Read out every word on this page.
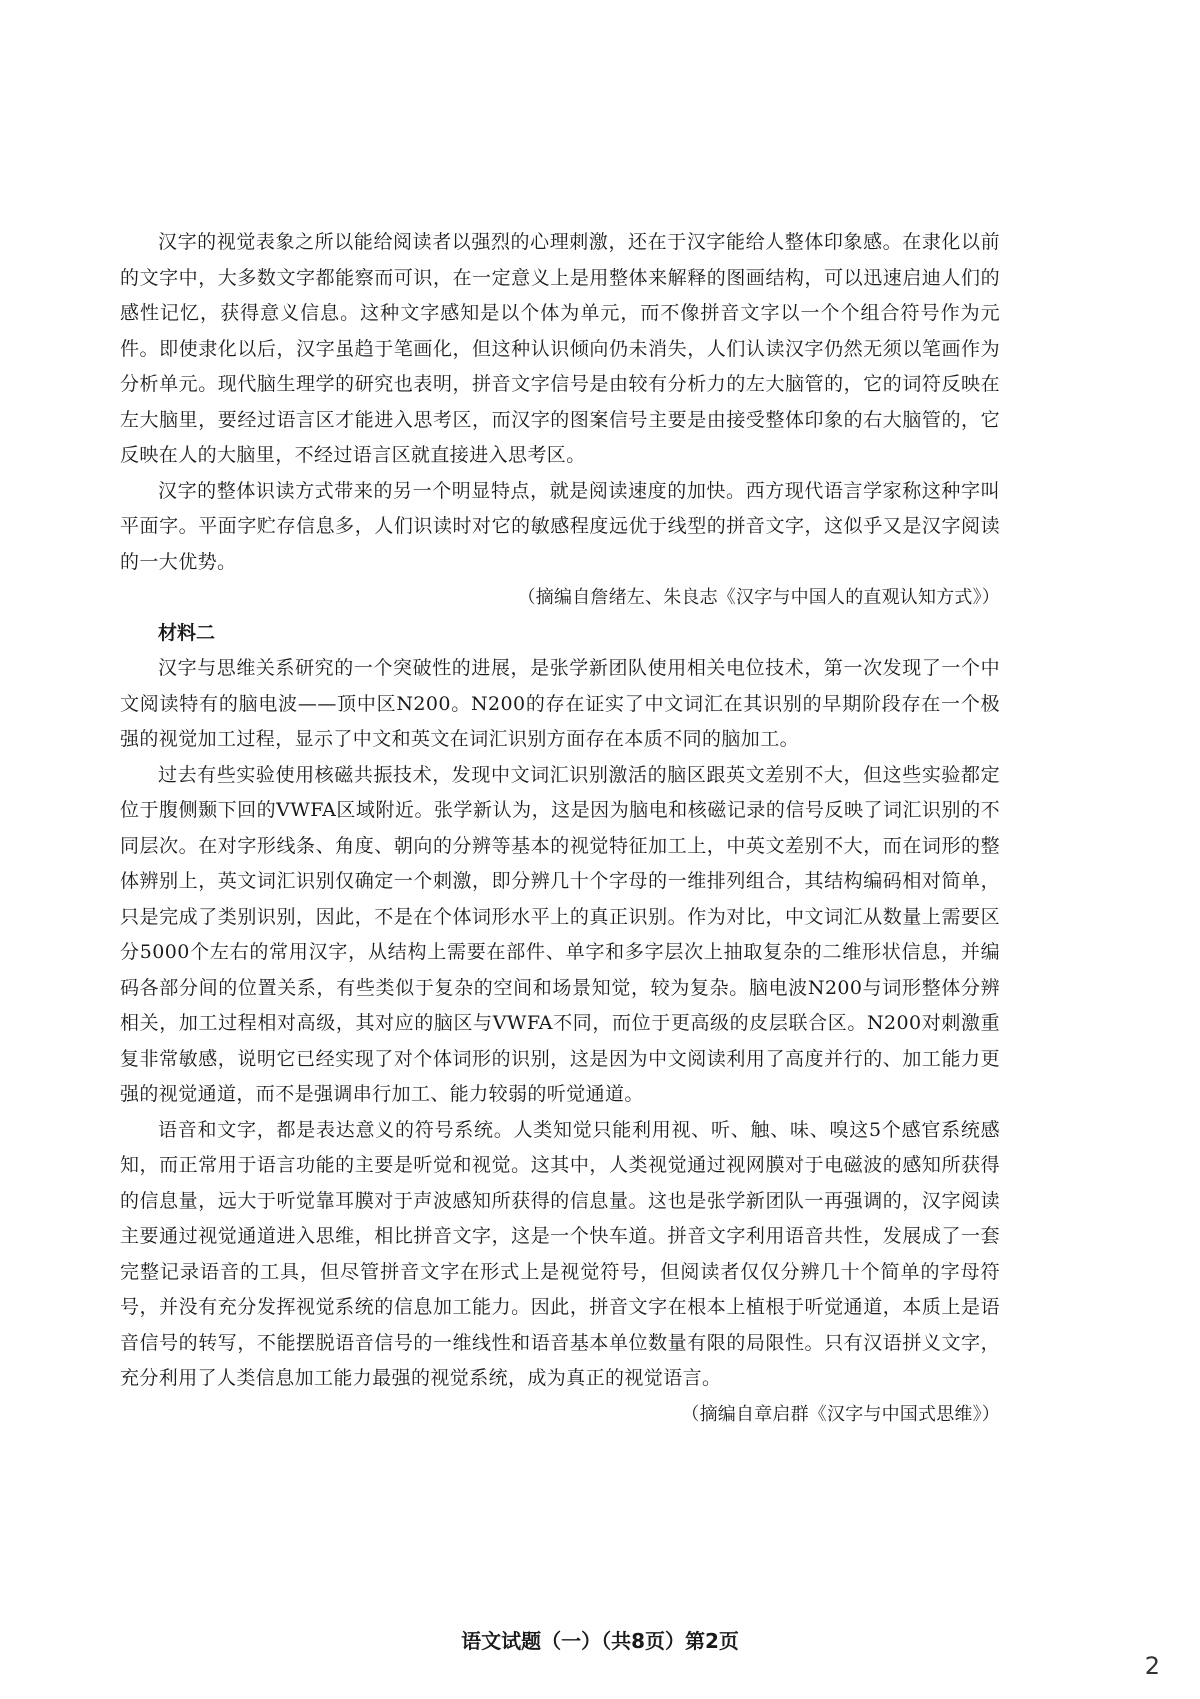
汉字的视觉表象之所以能给阅读者以强烈的心理刺激，还在于汉字能给人整体印象感。在隶化以前的文字中，大多数文字都能察而可识，在一定意义上是用整体来解释的图画结构，可以迅速启迪人们的感性记忆，获得意义信息。这种文字感知是以个体为单元，而不像拼音文字以一个个组合符号作为元件。即使隶化以后，汉字虽趋于笔画化，但这种认识倾向仍未消失，人们认读汉字仍然无须以笔画作为分析单元。现代脑生理学的研究也表明，拼音文字信号是由较有分析力的左大脑管的，它的词符反映在左大脑里，要经过语言区才能进入思考区，而汉字的图案信号主要是由接受整体印象的右大脑管的，它反映在人的大脑里，不经过语言区就直接进入思考区。

汉字的整体识读方式带来的另一个明显特点，就是阅读速度的加快。西方现代语言学家称这种字叫平面字。平面字贮存信息多，人们识读时对它的敏感程度远优于线型的拼音文字，这似乎又是汉字阅读的一大优势。

（摘编自詹绪左、朱良志《汉字与中国人的直观认知方式》）

材料二

汉字与思维关系研究的一个突破性的进展，是张学新团队使用相关电位技术，第一次发现了一个中文阅读特有的脑电波——顶中区N200。N200的存在证实了中文词汇在其识别的早期阶段存在一个极强的视觉加工过程，显示了中文和英文在词汇识别方面存在本质不同的脑加工。

过去有些实验使用核磁共振技术，发现中文词汇识别激活的脑区跟英文差别不大，但这些实验都定位于腹侧颞下回的VWFA区域附近。张学新认为，这是因为脑电和核磁记录的信号反映了词汇识别的不同层次。在对字形线条、角度、朝向的分辨等基本的视觉特征加工上，中英文差别不大，而在词形的整体辨别上，英文词汇识别仅确定一个刺激，即分辨几十个字母的一维排列组合，其结构编码相对简单，只是完成了类别识别，因此，不是在个体词形水平上的真正识别。作为对比，中文词汇从数量上需要区分5000个左右的常用汉字，从结构上需要在部件、单字和多字层次上抽取复杂的二维形状信息，并编码各部分间的位置关系，有些类似于复杂的空间和场景知觉，较为复杂。脑电波N200与词形整体分辨相关，加工过程相对高级，其对应的脑区与VWFA不同，而位于更高级的皮层联合区。N200对刺激重复非常敏感，说明它已经实现了对个体词形的识别，这是因为中文阅读利用了高度并行的、加工能力更强的视觉通道，而不是强调串行加工、能力较弱的听觉通道。

语音和文字，都是表达意义的符号系统。人类知觉只能利用视、听、触、味、嗅这5个感官系统感知，而正常用于语言功能的主要是听觉和视觉。这其中，人类视觉通过视网膜对于电磁波的感知所获得的信息量，远大于听觉靠耳膜对于声波感知所获得的信息量。这也是张学新团队一再强调的，汉字阅读主要通过视觉通道进入思维，相比拼音文字，这是一个快车道。拼音文字利用语音共性，发展成了一套完整记录语音的工具，但尽管拼音文字在形式上是视觉符号，但阅读者仅仅分辨几十个简单的字母符号，并没有充分发挥视觉系统的信息加工能力。因此，拼音文字在根本上植根于听觉通道，本质上是语音信号的转写，不能摆脱语音信号的一维线性和语音基本单位数量有限的局限性。只有汉语拼义文字，充分利用了人类信息加工能力最强的视觉系统，成为真正的视觉语言。

（摘编自章启群《汉字与中国式思维》）

语文试题（一）（共8页）第2页
2
